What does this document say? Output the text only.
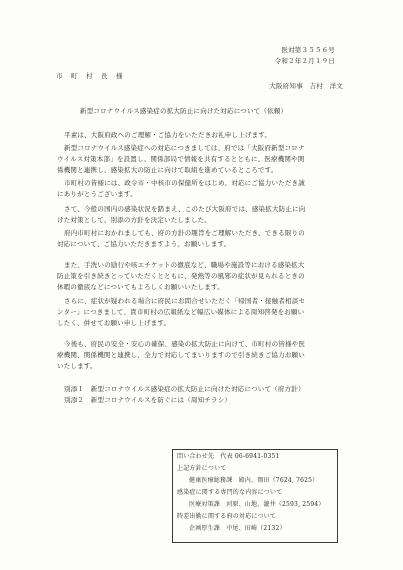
医対第３５５６号
令和２年２月１９日
市　町　村　長　様
大阪府知事　吉村　洋文
新型コロナウイルス感染症の拡大防止に向けた対応について（依頼）
平素は、大阪府政へのご理解・ご協力をいただきお礼申し上げます。
新型コロナウイルス感染症への対応につきましては、府では「大阪府新型コロナ
ウイルス対策本部」を設置し、関係部局で情報を共有するとともに、医療機関や関
係機関と連携し、感染拡大の防止に向けて取組を進めているところです。
市町村の皆様には、政令市・中核市の保健所をはじめ、対応にご協力いただき誠
にありがとうございます。
さて、今般の国内の感染状況を踏まえ、このたび大阪府では、感染拡大防止に向
けた対策として、別添の方針を決定いたしました。
府内市町村におかれましても、府の方針の趣旨をご理解いただき、できる限りの
対応について、ご協力いただきますよう、お願いします。
また、手洗いの励行や咳エチケットの徹底など、職場や施設等における感染拡大
防止策を引き続きとっていただくとともに、発熱等の風邪の症状が見られるときの
休暇の徹底などについてもよろしくお願いいたします。
さらに、症状が疑われる場合に府民にお問合せいただく「帰国者・接触者相談セ
ンター」につきまして、貴市町村の広報紙など幅広い媒体による周知啓発をお願い
したく、併せてお願い申し上げます。
今後も、府民の安全・安心の確保、感染の拡大防止に向けて、市町村の皆様や医
療機関、関係機関と連携し、全力で対応してまいりますので引き続きご協力お願い
いたします。
別添１　新型コロナウイルス感染症の拡大防止に向けた対応について（府方針）
別添２　新型コロナウイルスを防ぐには（周知チラシ）
問い合わせ先　代表 06-6941-0351
上記方針について
健康医療総務課　殿内、岡田（7624, 7625）
感染症に関する専門的な内容について
医療対策課　河原、山地、瀧井（2593, 2594）
時差出勤に関する府の対応について
企画厚生課　中尾、田崎（2132）
